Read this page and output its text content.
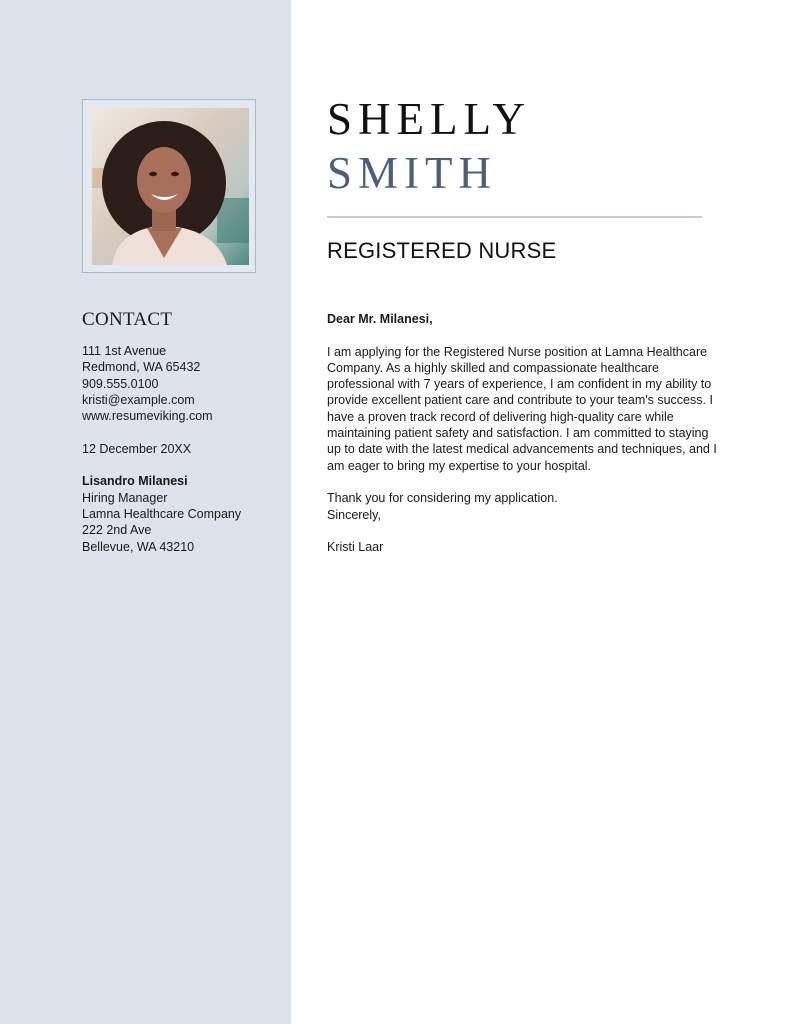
CONTACT
111 1st Avenue
Redmond, WA 65432
909.555.0100
kristi@example.com
www.resumeviking.com
12 December 20XX
Lisandro Milanesi
Hiring Manager
Lamna Healthcare Company
222 2nd Ave
Bellevue, WA 43210
SHELLY
SMITH
REGISTERED NURSE
Dear Mr. Milanesi,

I am applying for the Registered Nurse position at Lamna Healthcare

Company. As a highly skilled and compassionate healthcare

professional with 7 years of experience, I am confident in my ability to

provide excellent patient care and contribute to your team's success. I

have a proven track record of delivering high-quality care while

maintaining patient safety and satisfaction. I am committed to staying

up to date with the latest medical advancements and techniques, and I

am eager to bring my expertise to your hospital.

Thank you for considering my application.

Sincerely,

Kristi Laar
